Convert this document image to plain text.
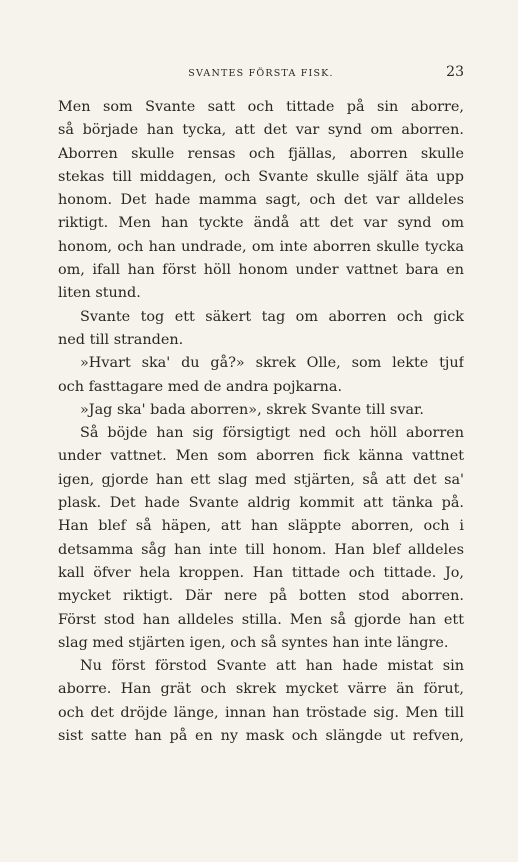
SVANTES FÖRSTA FISK.	23
Men som Svante satt och tittade på sin aborre,
så började han tycka, att det var synd om aborren.
Aborren skulle rensas och fjällas, aborren skulle
stekas till middagen, och Svante skulle själf äta upp
honom. Det hade mamma sagt, och det var alldeles
riktigt. Men han tyckte ändå att det var synd om
honom, och han undrade, om inte aborren skulle tycka
om, ifall han först höll honom under vattnet bara en
liten stund.
Svante tog ett säkert tag om aborren och gick
ned till stranden.
»Hvart ska' du gå?» skrek Olle, som lekte tjuf
och fasttagare med de andra pojkarna.
»Jag ska' bada aborren», skrek Svante till svar.
Så böjde han sig försigtigt ned och höll aborren
under vattnet. Men som aborren fick känna vattnet
igen, gjorde han ett slag med stjärten, så att det sa'
plask. Det hade Svante aldrig kommit att tänka på.
Han blef så häpen, att han släppte aborren, och i
detsamma såg han inte till honom. Han blef alldeles
kall öfver hela kroppen. Han tittade och tittade. Jo,
mycket riktigt. Där nere på botten stod aborren.
Först stod han alldeles stilla. Men så gjorde han ett
slag med stjärten igen, och så syntes han inte längre.
Nu först förstod Svante att han hade mistat sin
aborre. Han grät och skrek mycket värre än förut,
och det dröjde länge, innan han tröstade sig. Men till
sist satte han på en ny mask och slängde ut refven,
